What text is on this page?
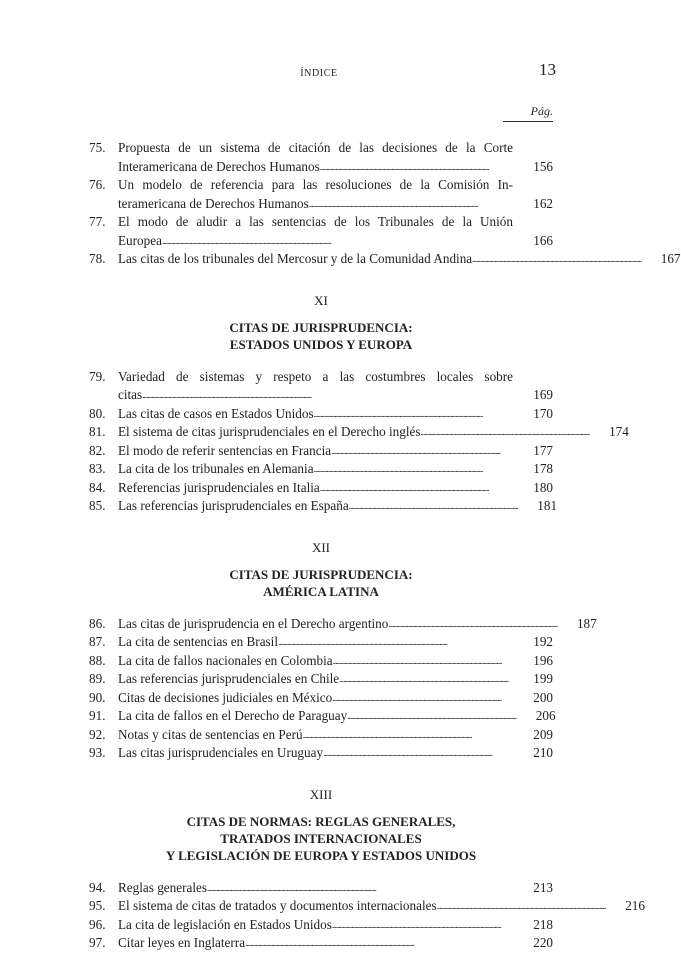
ÍNDICE	13
Pág.
75. Propuesta de un sistema de citación de las decisiones de la Corte
Interamericana de Derechos Humanos . . .	156
76. Un modelo de referencia para las resoluciones de la Comisión In-
teramericana de Derechos Humanos . . .	162
77. El modo de aludir a las sentencias de los Tribunales de la Unión
Europea . . .	166
78. Las citas de los tribunales del Mercosur y de la Comunidad Andina . . .	167
XI
CITAS DE JURISPRUDENCIA:
ESTADOS UNIDOS Y EUROPA
79. Variedad de sistemas y respeto a las costumbres locales sobre
citas . . .	169
80. Las citas de casos en Estados Unidos . . .	170
81. El sistema de citas jurisprudenciales en el Derecho inglés . . .	174
82. El modo de referir sentencias en Francia . . .	177
83. La cita de los tribunales en Alemania . . .	178
84. Referencias jurisprudenciales en Italia . . .	180
85. Las referencias jurisprudenciales en España . . .	181
XII
CITAS DE JURISPRUDENCIA:
AMÉRICA LATINA
86. Las citas de jurisprudencia en el Derecho argentino . . .	187
87. La cita de sentencias en Brasil . . .	192
88. La cita de fallos nacionales en Colombia . . .	196
89. Las referencias jurisprudenciales en Chile . . .	199
90. Citas de decisiones judiciales en México . . .	200
91. La cita de fallos en el Derecho de Paraguay . . .	206
92. Notas y citas de sentencias en Perú . . .	209
93. Las citas jurisprudenciales en Uruguay . . .	210
XIII
CITAS DE NORMAS: REGLAS GENERALES,
TRATADOS INTERNACIONALES
Y LEGISLACIÓN DE EUROPA Y ESTADOS UNIDOS
94. Reglas generales . . .	213
95. El sistema de citas de tratados y documentos internacionales . . .	216
96. La cita de legislación en Estados Unidos . . .	218
97. Citar leyes en Inglaterra . . .	220
